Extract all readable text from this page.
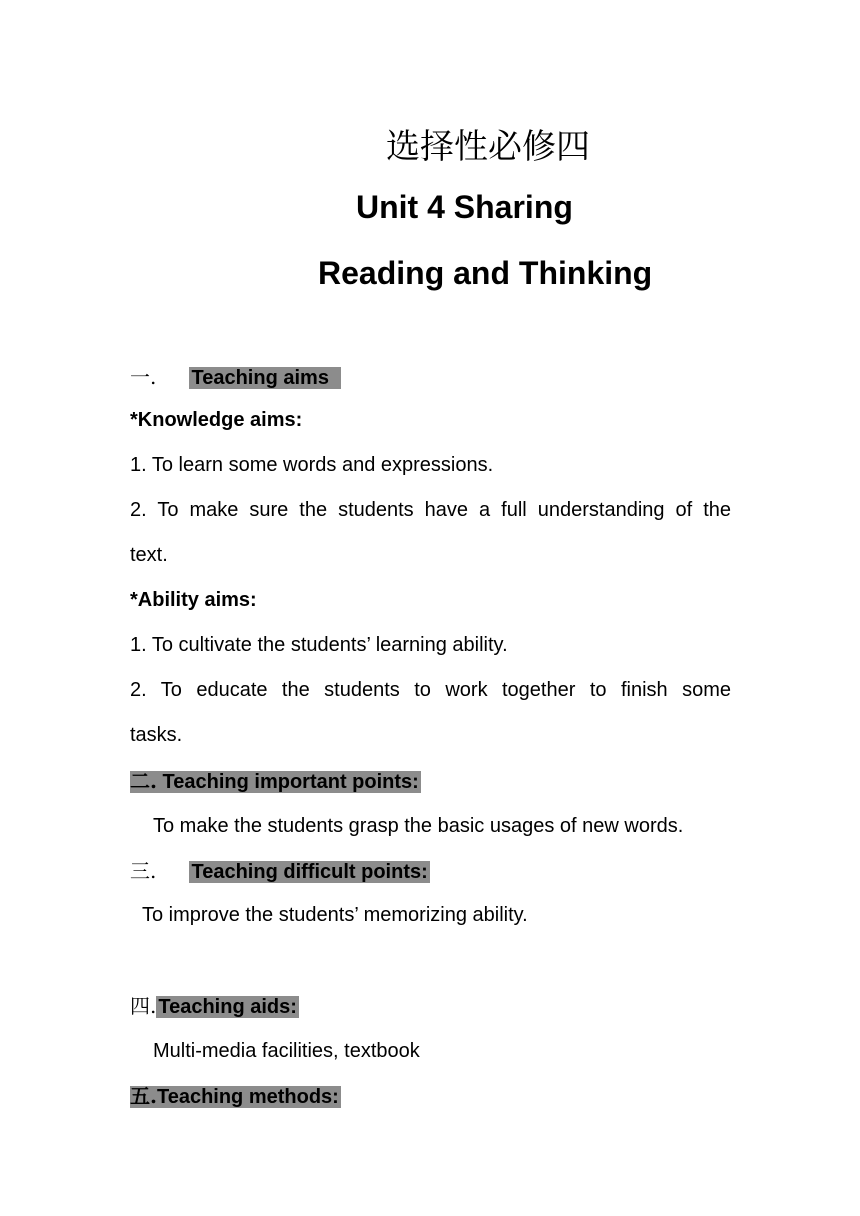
选择性必修四
Unit 4 Sharing
Reading and Thinking
一. Teaching aims
*Knowledge aims:
1. To learn some words and expressions.
2. To make sure the students have a full understanding of the
text.
*Ability aims:
1. To cultivate the students’ learning ability.
2. To educate the students to work together to finish some
tasks.
二. Teaching important points:
To make the students grasp the basic usages of new words.
三. Teaching difficult points:
To improve the students’ memorizing ability.
四. Teaching aids:
Multi-media facilities, textbook
五.Teaching methods:
